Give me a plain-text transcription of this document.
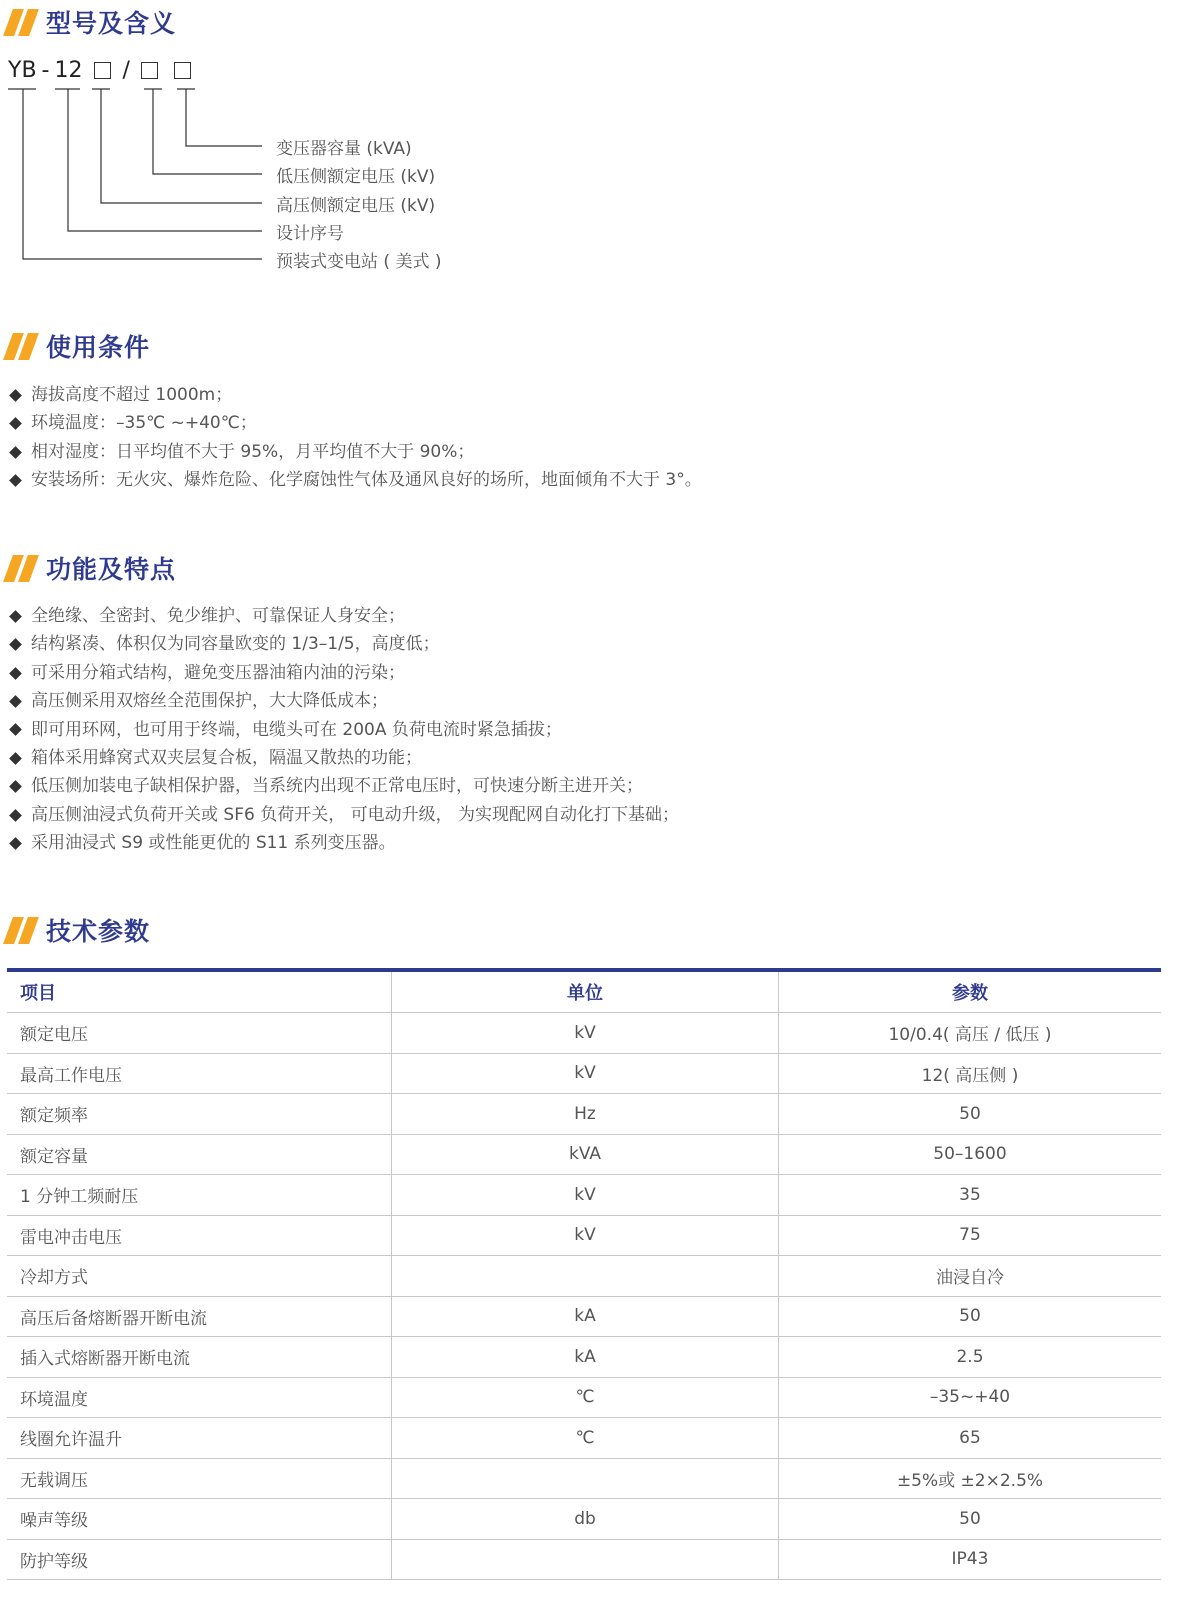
型号及含义
YB - 12 /
变压器容量 (kVA)
低压侧额定电压 (kV)
高压侧额定电压 (kV)
设计序号
预装式变电站 ( 美式 )
使用条件
海拔高度不超过 1000m；
环境温度：–35℃ ~+40℃；
相对湿度：日平均值不大于 95%，月平均值不大于 90%；
安装场所：无火灾、爆炸危险、化学腐蚀性气体及通风良好的场所，地面倾角不大于 3°。
功能及特点
全绝缘、全密封、免少维护、可靠保证人身安全；
结构紧凑、体积仅为同容量欧变的 1/3–1/5，高度低；
可采用分箱式结构，避免变压器油箱内油的污染；
高压侧采用双熔丝全范围保护，大大降低成本；
即可用环网，也可用于终端，电缆头可在 200A 负荷电流时紧急插拔；
箱体采用蜂窝式双夹层复合板，隔温又散热的功能；
低压侧加装电子缺相保护器，当系统内出现不正常电压时，可快速分断主进开关；
高压侧油浸式负荷开关或 SF6 负荷开关， 可电动升级， 为实现配网自动化打下基础；
采用油浸式 S9 或性能更优的 S11 系列变压器。
技术参数
项目	单位	参数
额定电压	kV	10/0.4( 高压 / 低压 )
最高工作电压	kV	12( 高压侧 )
额定频率	Hz	50
额定容量	kVA	50–1600
1 分钟工频耐压	kV	35
雷电冲击电压	kV	75
冷却方式		油浸自冷
高压后备熔断器开断电流	kA	50
插入式熔断器开断电流	kA	2.5
环境温度	℃	–35~+40
线圈允许温升	℃	65
无载调压		±5%或 ±2×2.5%
噪声等级	db	50
防护等级		IP43
